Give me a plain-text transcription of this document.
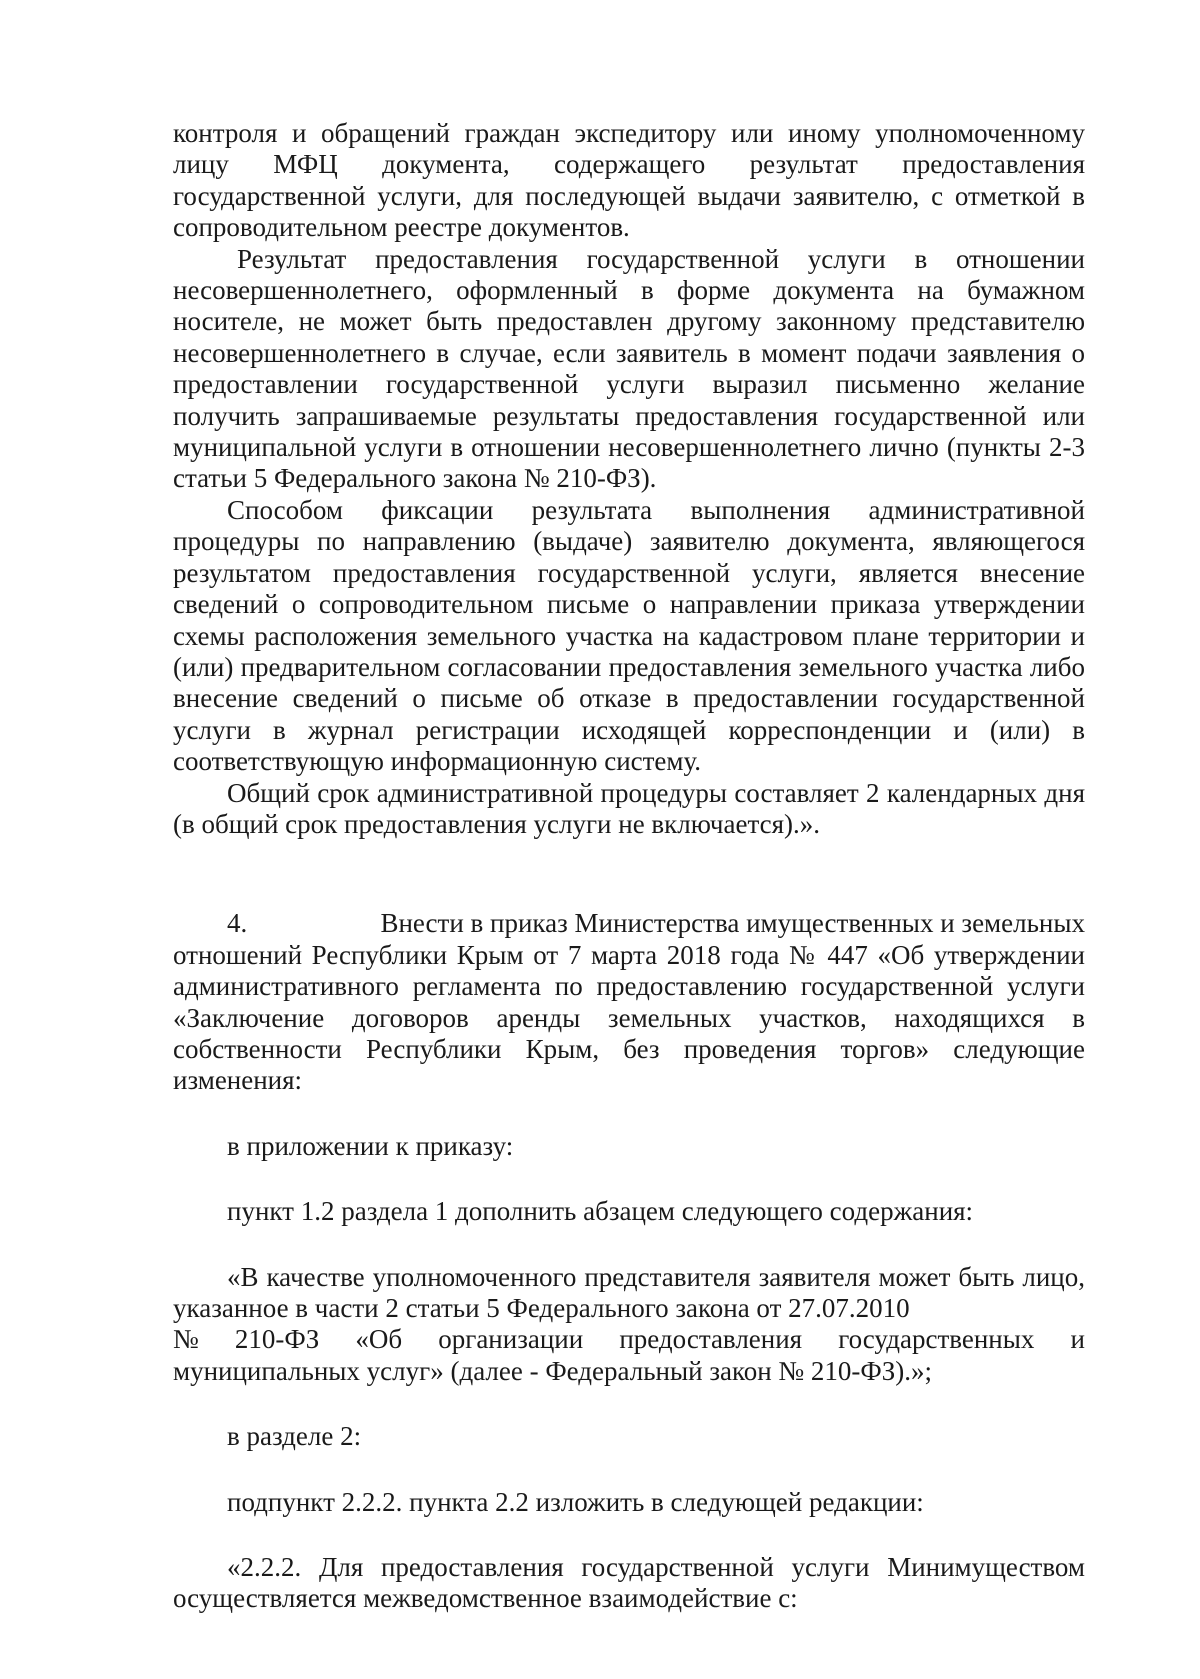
контроля и обращений граждан экспедитору или иному уполномоченному лицу МФЦ документа, содержащего результат предоставления государственной услуги, для последующей выдачи заявителю, с отметкой в сопроводительном реестре документов.

Результат предоставления государственной услуги в отношении несовершеннолетнего, оформленный в форме документа на бумажном носителе, не может быть предоставлен другому законному представителю несовершеннолетнего в случае, если заявитель в момент подачи заявления о предоставлении государственной услуги выразил письменно желание получить запрашиваемые результаты предоставления государственной или муниципальной услуги в отношении несовершеннолетнего лично (пункты 2-3 статьи 5 Федерального закона № 210-ФЗ).

Способом фиксации результата выполнения административной процедуры по направлению (выдаче) заявителю документа, являющегося результатом предоставления государственной услуги, является внесение сведений о сопроводительном письме о направлении приказа утверждении схемы расположения земельного участка на кадастровом плане территории и (или) предварительном согласовании предоставления земельного участка либо внесение сведений о письме об отказе в предоставлении государственной услуги в журнал регистрации исходящей корреспонденции и (или) в соответствующую информационную систему.

Общий срок административной процедуры составляет 2 календарных дня (в общий срок предоставления услуги не включается).».

4.	Внести в приказ Министерства имущественных и земельных

отношений Республики Крым от 7 марта 2018 года № 447 «Об утверждении административного регламента по предоставлению государственной услуги «Заключение договоров аренды земельных участков, находящихся в собственности Республики Крым, без проведения торгов» следующие изменения:

в приложении к приказу:

пункт 1.2 раздела 1 дополнить абзацем следующего содержания:

«В качестве уполномоченного представителя заявителя может быть лицо, указанное в части 2 статьи 5 Федерального закона от 27.07.2010

№ 210-ФЗ «Об организации предоставления государственных и

муниципальных услуг» (далее - Федеральный закон № 210-ФЗ).»;

в разделе 2:

подпункт 2.2.2. пункта 2.2 изложить в следующей редакции:

«2.2.2. Для предоставления государственной услуги Минимуществом осуществляется межведомственное взаимодействие с:
